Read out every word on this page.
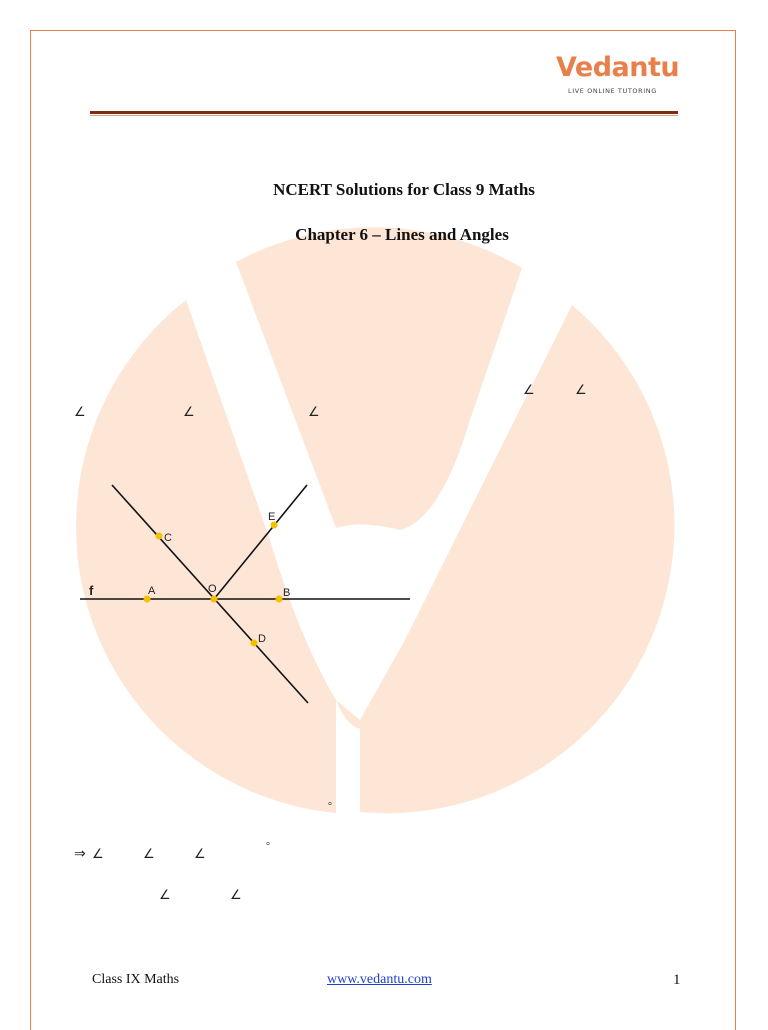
Vedantu
LIVE ONLINE TUTORING
NCERT Solutions for Class 9 Maths
Chapter 6 – Lines and Angles
∠	∠
∠	∠	∠
f	A	O	B
C
D
E
°
⇒ ∠	∠	∠	°
∠	∠
Class IX Maths	www.vedantu.com	1
